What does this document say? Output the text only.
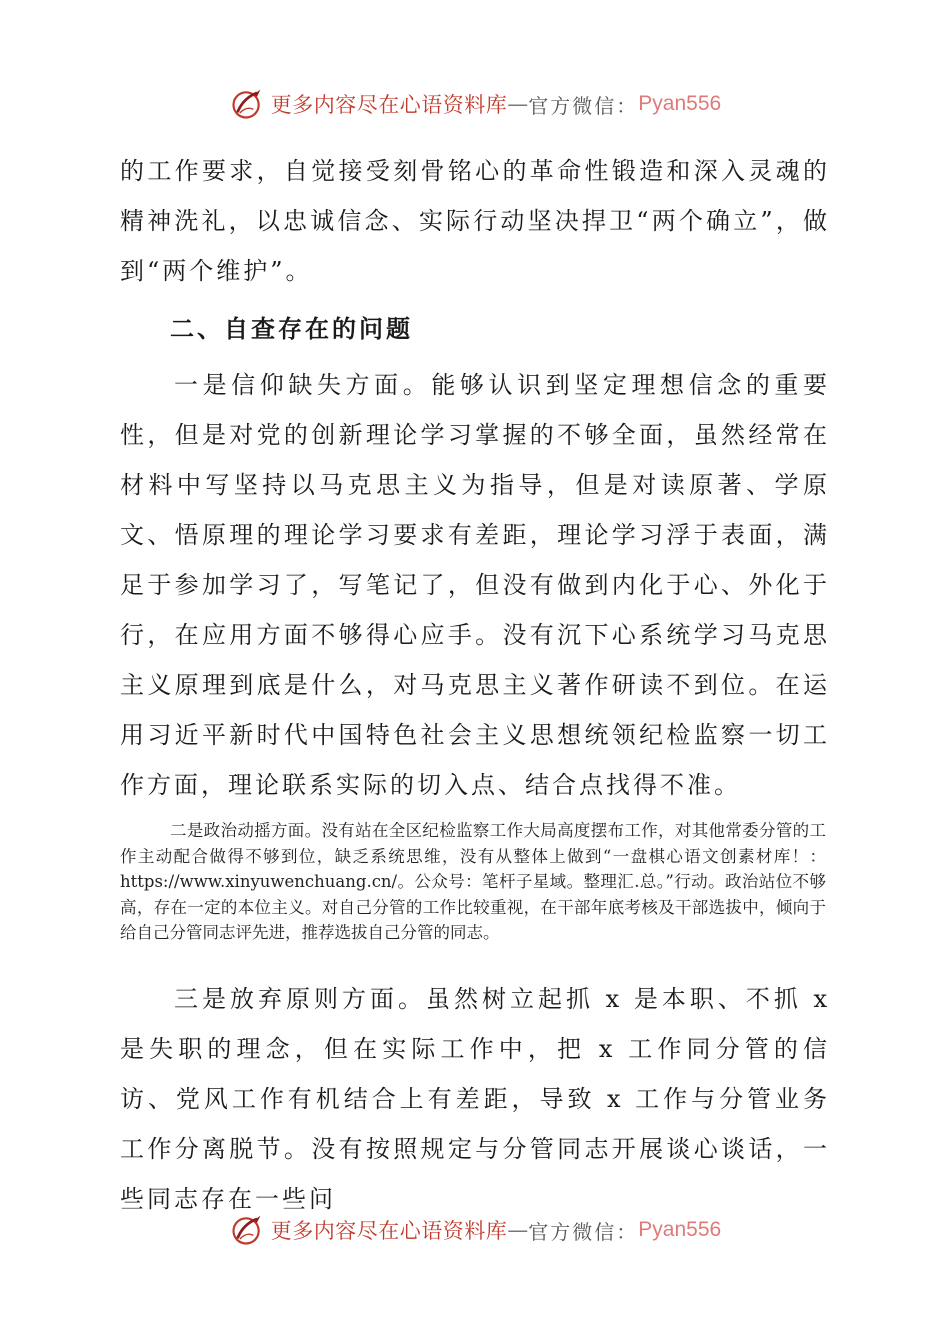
更多内容尽在心语资料库 — 官方微信： Pyan556

的工作要求，自觉接受刻骨铭心的革命性锻造和深入灵魂的精神洗礼，以忠诚信念、实际行动坚决捍卫“两个确立”，做到“两个维护”。

二、自查存在的问题

一是信仰缺失方面。能够认识到坚定理想信念的重要性，但是对党的创新理论学习掌握的不够全面，虽然经常在材料中写坚持以马克思主义为指导，但是对读原著、学原文、悟原理的理论学习要求有差距，理论学习浮于表面，满足于参加学习了，写笔记了，但没有做到内化于心、外化于行，在应用方面不够得心应手。没有沉下心系统学习马克思主义原理到底是什么，对马克思主义著作研读不到位。在运用习近平新时代中国特色社会主义思想统领纪检监察一切工作方面，理论联系实际的切入点、结合点找得不准。

二是政治动摇方面。没有站在全区纪检监察工作大局高度摆布工作，对其他常委分管的工作主动配合做得不够到位，缺乏系统思维，没有从整体上做到“一盘棋心语文创素材库！：https://www.xinyuwenchuang.cn/。公众号：笔杆子星域。整理汇.总。”行动。政治站位不够高，存在一定的本位主义。对自己分管的工作比较重视，在干部年底考核及干部选拔中，倾向于给自己分管同志评先进，推荐选拔自己分管的同志。

三是放弃原则方面。虽然树立起抓 x 是本职、不抓 x 是失职的理念，但在实际工作中，把 x 工作同分管的信访、党风工作有机结合上有差距，导致 x 工作与分管业务工作分离脱节。没有按照规定与分管同志开展谈心谈话，一些同志存在一些问

更多内容尽在心语资料库 — 官方微信： Pyan556
